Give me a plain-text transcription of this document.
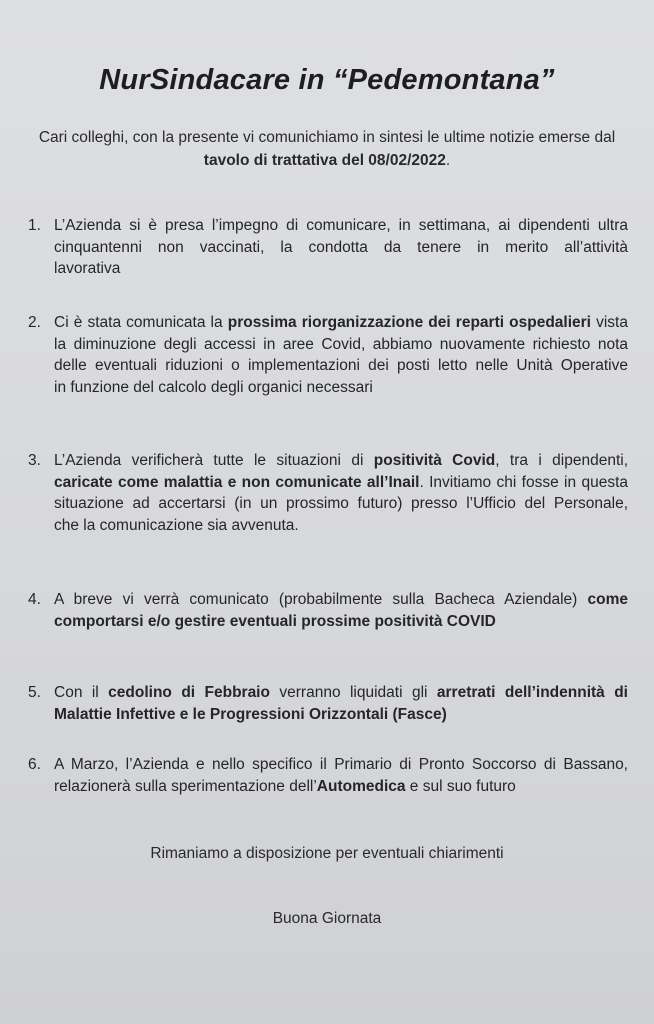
NurSindacare in “Pedemontana”
Cari colleghi, con la presente vi comunichiamo in sintesi le ultime notizie emerse dal
tavolo di trattativa del 08/02/2022.
1. L’Azienda si è presa l’impegno di comunicare, in settimana, ai dipendenti ultra
cinquantenni non vaccinati, la condotta da tenere in merito all’attività
lavorativa
2. Ci è stata comunicata la prossima riorganizzazione dei reparti ospedalieri vista
la diminuzione degli accessi in aree Covid, abbiamo nuovamente richiesto nota
delle eventuali riduzioni o implementazioni dei posti letto nelle Unità Operative
in funzione del calcolo degli organici necessari
3. L’Azienda verificherà tutte le situazioni di positività Covid, tra i dipendenti,
caricate come malattia e non comunicate all’Inail. Invitiamo chi fosse in questa
situazione ad accertarsi (in un prossimo futuro) presso l’Ufficio del Personale,
che la comunicazione sia avvenuta.
4. A breve vi verrà comunicato (probabilmente sulla Bacheca Aziendale) come
comportarsi e/o gestire eventuali prossime positività COVID
5. Con il cedolino di Febbraio verranno liquidati gli arretrati dell’indennità di
Malattie Infettive e le Progressioni Orizzontali (Fasce)
6. A Marzo, l’Azienda e nello specifico il Primario di Pronto Soccorso di Bassano,
relazionerà sulla sperimentazione dell’Automedica e sul suo futuro
Rimaniamo a disposizione per eventuali chiarimenti
Buona Giornata
